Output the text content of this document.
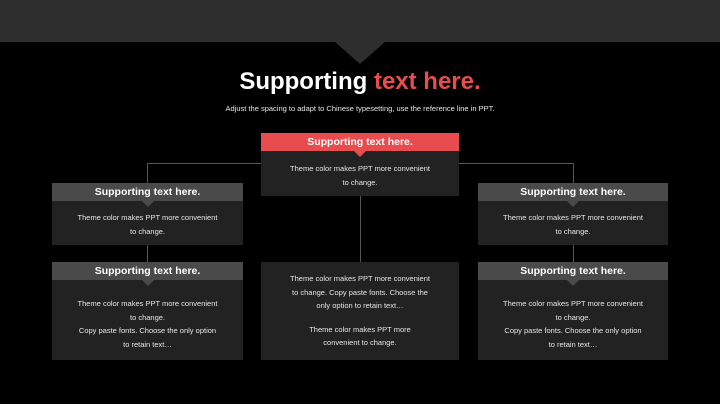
Supporting text here.
Adjust the spacing to adapt to Chinese typesetting, use the reference line in PPT.
Supporting text here.

Theme color makes PPT more convenient

to change.

Supporting text here.

Theme color makes PPT more convenient

to change.

Supporting text here.

Theme color makes PPT more convenient

to change.

Supporting text here.

Theme color makes PPT more convenient

to change.

Copy paste fonts. Choose the only option

to retain text…

Theme color makes PPT more convenient

to change. Copy paste fonts. Choose the

only option to retain text…

Theme color makes PPT more

convenient to change.

Supporting text here.

Theme color makes PPT more convenient

to change.

Copy paste fonts. Choose the only option

to retain text…
